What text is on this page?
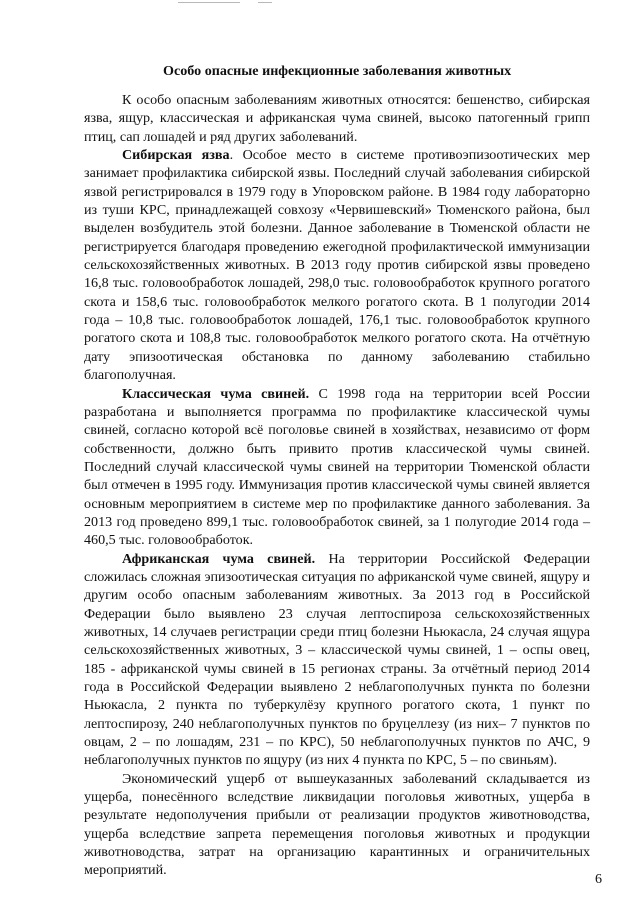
Особо опасные инфекционные заболевания животных

К особо опасным заболеваниям животных относятся: бешенство, сибирская язва, ящур, классическая и африканская чума свиней, высоко патогенный грипп птиц, сап лошадей и ряд других заболеваний.

Сибирская язва. Особое место в системе противоэпизоотических мер занимает профилактика сибирской язвы. Последний случай заболевания сибирской язвой регистрировался в 1979 году в Упоровском районе. В 1984 году лабораторно из туши КРС, принадлежащей совхозу «Червишевский» Тюменского района, был выделен возбудитель этой болезни. Данное заболевание в Тюменской области не регистрируется благодаря проведению ежегодной профилактической иммунизации сельскохозяйственных животных. В 2013 году против сибирской язвы проведено 16,8 тыс. головообработок лошадей, 298,0 тыс. головообработок крупного рогатого скота и 158,6 тыс. головообработок мелкого рогатого скота. В 1 полугодии 2014 года – 10,8 тыс. головообработок лошадей, 176,1 тыс. головообработок крупного рогатого скота и 108,8 тыс. головообработок мелкого рогатого скота. На отчётную дату эпизоотическая обстановка по данному заболеванию стабильно благополучная.

Классическая чума свиней. С 1998 года на территории всей России разработана и выполняется программа по профилактике классической чумы свиней, согласно которой всё поголовье свиней в хозяйствах, независимо от форм собственности, должно быть привито против классической чумы свиней. Последний случай классической чумы свиней на территории Тюменской области был отмечен в 1995 году. Иммунизация против классической чумы свиней является основным мероприятием в системе мер по профилактике данного заболевания. За 2013 год проведено 899,1 тыс. головообработок свиней, за 1 полугодие 2014 года – 460,5 тыс. головообработок.

Африканская чума свиней. На территории Российской Федерации сложилась сложная эпизоотическая ситуация по африканской чуме свиней, ящуру и другим особо опасным заболеваниям животных. За 2013 год в Российской Федерации было выявлено 23 случая лептоспироза сельскохозяйственных животных, 14 случаев регистрации среди птиц болезни Ньюкасла, 24 случая ящура сельскохозяйственных животных, 3 – классической чумы свиней, 1 – оспы овец, 185 - африканской чумы свиней в 15 регионах страны. За отчётный период 2014 года в Российской Федерации выявлено 2 неблагополучных пункта по болезни Ньюкасла, 2 пункта по туберкулёзу крупного рогатого скота, 1 пункт по лептоспирозу, 240 неблагополучных пунктов по бруцеллезу (из них– 7 пунктов по овцам, 2 – по лошадям, 231 – по КРС), 50 неблагополучных пунктов по АЧС, 9 неблагополучных пунктов по ящуру (из них 4 пункта по КРС, 5 – по свиньям).

Экономический ущерб от вышеуказанных заболеваний складывается из ущерба, понесённого вследствие ликвидации поголовья животных, ущерба в результате недополучения прибыли от реализации продуктов животноводства, ущерба вследствие запрета перемещения поголовья животных и продукции животноводства, затрат на организацию карантинных и ограничительных мероприятий.

6
